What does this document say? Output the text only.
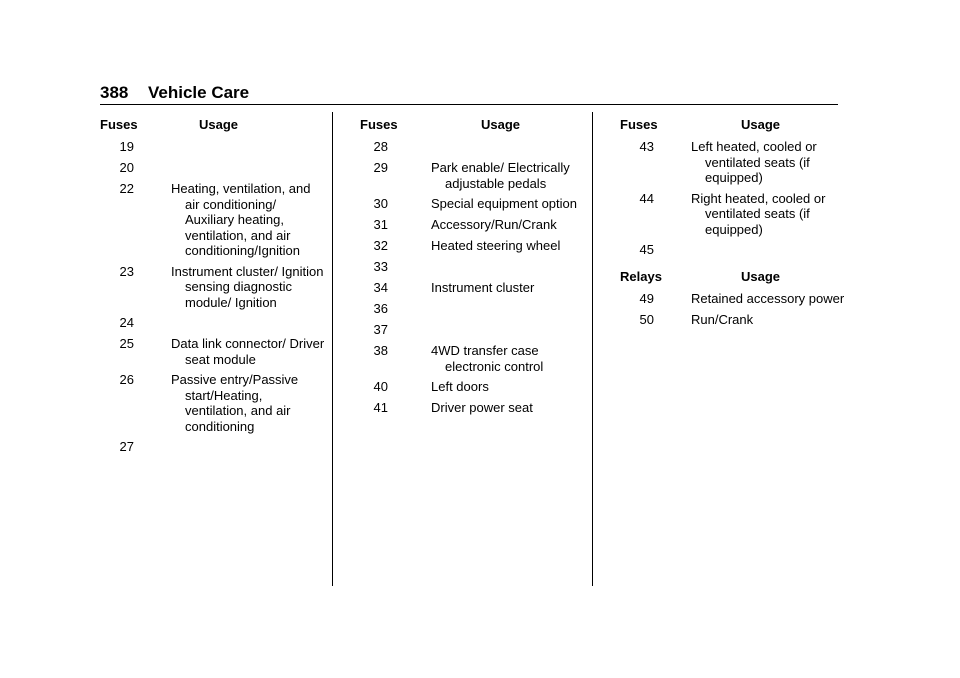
388 Vehicle Care
Fuses	Usage
19
20
22	Heating, ventilation, and air conditioning/ Auxiliary heating, ventilation, and air conditioning/Ignition
23	Instrument cluster/ Ignition sensing diagnostic module/ Ignition
24
25	Data link connector/ Driver seat module
26	Passive entry/Passive start/Heating, ventilation, and air conditioning
27
Fuses	Usage
28
29	Park enable/ Electrically adjustable pedals
30	Special equipment option
31	Accessory/Run/Crank
32	Heated steering wheel
33
34	Instrument cluster
36
37
38	4WD transfer case electronic control
40	Left doors
41	Driver power seat
Fuses	Usage
43	Left heated, cooled or ventilated seats (if equipped)
44	Right heated, cooled or ventilated seats (if equipped)
45
Relays	Usage
49	Retained accessory power
50	Run/Crank
